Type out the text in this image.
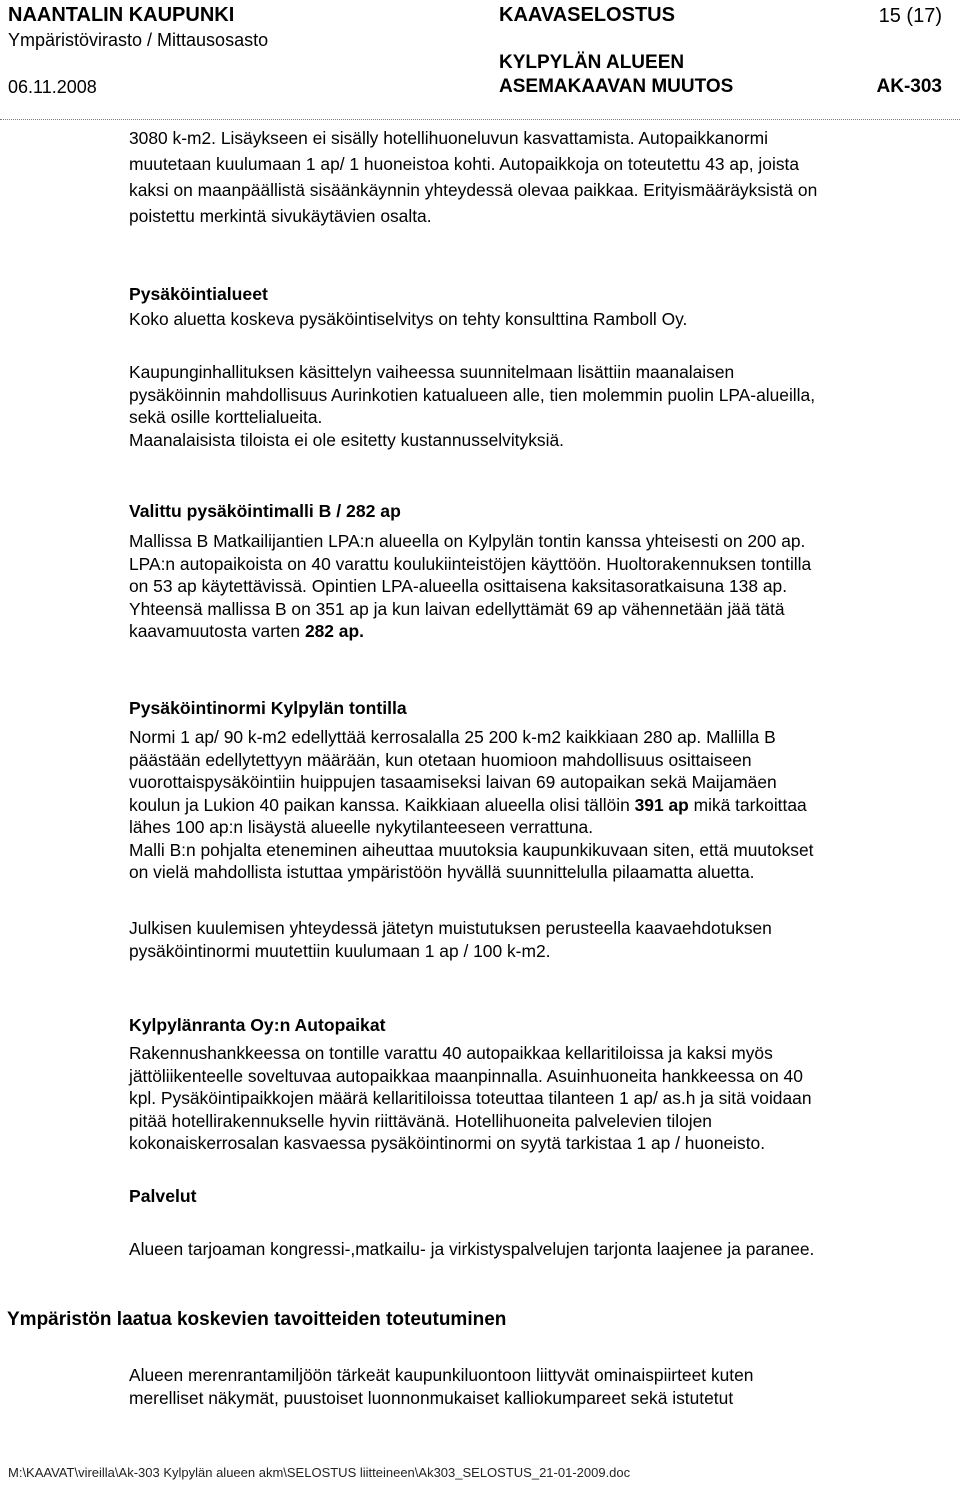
NAANTALIN KAUPUNKI
Ympäristövirasto / Mittausosasto
06.11.2008
KAAVASELOSTUS
KYLPYLÄN ALUEEN
ASEMAKAAVAN MUUTOS
15 (17)
AK-303
3080 k-m2. Lisäykseen ei sisälly hotellihuoneluvun kasvattamista. Autopaikkanormi
muutetaan kuulumaan 1 ap/ 1 huoneistoa kohti. Autopaikkoja on toteutettu 43 ap, joista
kaksi on maanpäällistä sisäänkäynnin yhteydessä olevaa paikkaa. Erityismääräyksistä on
poistettu merkintä sivukäytävien osalta.
Pysäköintialueet
Koko aluetta koskeva pysäköintiselvitys on tehty konsulttina Ramboll Oy.
Kaupunginhallituksen käsittelyn vaiheessa suunnitelmaan lisättiin maanalaisen
pysäköinnin mahdollisuus Aurinkotien katualueen alle, tien molemmin puolin LPA-alueilla,
sekä osille korttelialueita.
Maanalaisista tiloista ei ole esitetty kustannusselvityksiä.
Valittu pysäköintimalli B / 282 ap
Mallissa B Matkailijantien LPA:n alueella on Kylpylän tontin kanssa yhteisesti on 200 ap.
LPA:n autopaikoista on 40 varattu koulukiinteistöjen käyttöön. Huoltorakennuksen tontilla
on 53 ap käytettävissä. Opintien LPA-alueella osittaisena kaksitasoratkaisuna 138 ap.
Yhteensä mallissa B on 351 ap ja kun laivan edellyttämät 69 ap vähennetään jää tätä
kaavamuutosta varten 282 ap.
Pysäköintinormi Kylpylän tontilla
Normi 1 ap/ 90 k-m2 edellyttää kerrosalalla 25 200 k-m2 kaikkiaan 280 ap. Mallilla B
päästään edellytettyyn määrään, kun otetaan huomioon mahdollisuus osittaiseen
vuorottaispysäköintiin huippujen tasaamiseksi laivan 69 autopaikan sekä Maijamäen
koulun ja Lukion 40 paikan kanssa. Kaikkiaan alueella olisi tällöin 391 ap mikä tarkoittaa
lähes 100 ap:n lisäystä alueelle nykytilanteeseen verrattuna.
Malli B:n pohjalta eteneminen aiheuttaa muutoksia kaupunkikuvaan siten, että muutokset
on vielä mahdollista istuttaa ympäristöön hyvällä suunnittelulla pilaamatta aluetta.
Julkisen kuulemisen yhteydessä jätetyn muistutuksen perusteella kaavaehdotuksen
pysäköintinormi muutettiin kuulumaan 1 ap / 100 k-m2.
Kylpylänranta Oy:n Autopaikat
Rakennushankkeessa on tontille varattu 40 autopaikkaa kellaritiloissa ja kaksi myös
jättöliikenteelle soveltuvaa autopaikkaa maanpinnalla. Asuinhuoneita hankkeessa on 40
kpl. Pysäköintipaikkojen määrä kellaritiloissa toteuttaa tilanteen 1 ap/ as.h ja sitä voidaan
pitää hotellirakennukselle hyvin riittävänä. Hotellihuoneita palvelevien tilojen
kokonaiskerrosalan kasvaessa pysäköintinormi on syytä tarkistaa 1 ap / huoneisto.
Palvelut
Alueen tarjoaman kongressi-,matkailu- ja virkistyspalvelujen tarjonta laajenee ja paranee.
Ympäristön laatua koskevien tavoitteiden toteutuminen
Alueen merenrantamiljöön tärkeät kaupunkiluontoon liittyvät ominaispiirteet kuten
merelliset näkymät, puustoiset luonnonmukaiset kalliokumpareet sekä istutetut
M:\KAAVAT\vireilla\Ak-303 Kylpylän alueen akm\SELOSTUS liitteineen\Ak303_SELOSTUS_21-01-2009.doc
